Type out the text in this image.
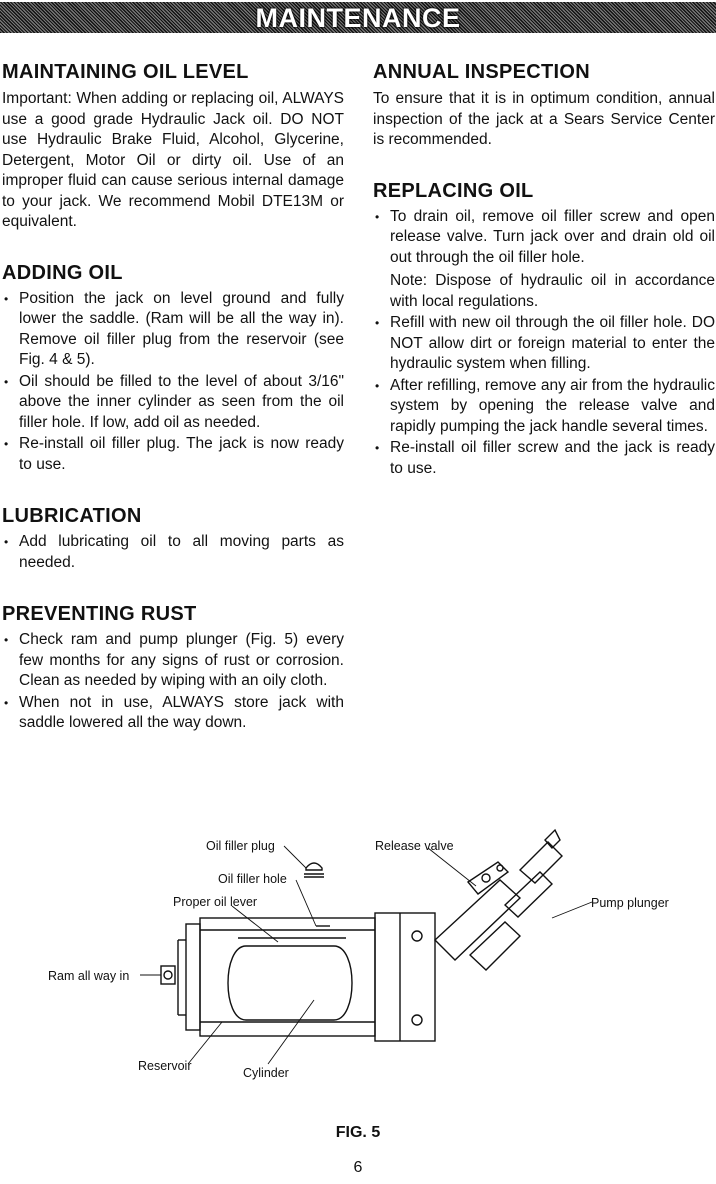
MAINTENANCE
MAINTAINING OIL LEVEL

Important: When adding or replacing oil, ALWAYS use a good grade Hydraulic Jack oil. DO NOT use Hydraulic Brake Fluid, Alcohol, Glycerine, Detergent, Motor Oil or dirty oil. Use of an improper fluid can cause serious internal damage to your jack. We recommend Mobil DTE13M or equivalent.

ADDING OIL
• Position the jack on level ground and fully lower the saddle. (Ram will be all the way in). Remove oil filler plug from the reservoir (see Fig. 4 & 5).
• Oil should be filled to the level of about 3/16" above the inner cylinder as seen from the oil filler hole. If low, add oil as needed.
• Re-install oil filler plug. The jack is now ready to use.
LUBRICATION
• Add lubricating oil to all moving parts as needed.
PREVENTING RUST
• Check ram and pump plunger (Fig. 5) every few months for any signs of rust or corrosion. Clean as needed by wiping with an oily cloth.
• When not in use, ALWAYS store jack with saddle lowered all the way down.
ANNUAL INSPECTION

To ensure that it is in optimum condition, annual inspection of the jack at a Sears Service Center is recommended.

REPLACING OIL
• To drain oil, remove oil filler screw and open release valve. Turn jack over and drain old oil out through the oil filler hole.
Note: Dispose of hydraulic oil in accordance with local regulations.
• Refill with new oil through the oil filler hole. DO NOT allow dirt or foreign material to enter the hydraulic system when filling.
• After refilling, remove any air from the hydraulic system by opening the release valve and rapidly pumping the jack handle several times.
• Re-install oil filler screw and the jack is ready to use.
Oil filler plug
Oil filler hole
Proper oil lever
Ram all way in
Reservoir	Cylinder
Release valve
Pump plunger
FIG. 5
6
